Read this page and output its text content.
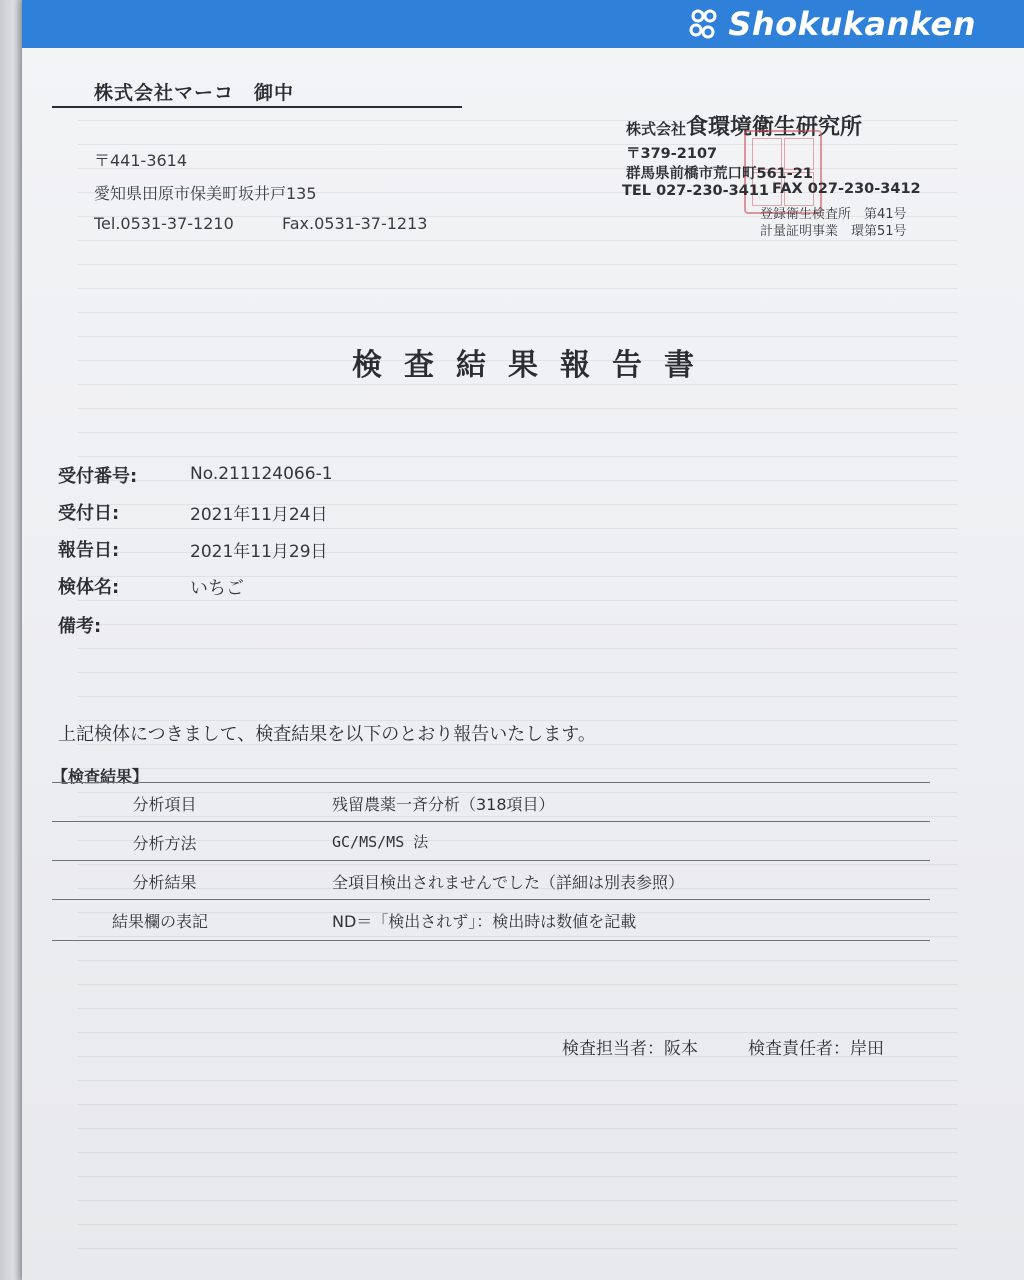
Shokukanken
株式会社マーコ　御中
〒441-3614
愛知県田原市保美町坂井戸135
Tel.0531-37-1210	Fax.0531-37-1213
株式会社食環境衛生研究所
〒379-2107
群馬県前橋市荒口町561-21
TEL 027-230-3411 FAX 027-230-3412
登録衛生検査所　第41号
計量証明事業　環第51号
検査結果報告書
受付番号:	No.211124066-1
受付日:	2021年11月24日
報告日:	2021年11月29日
検体名:	いちご
備考:
上記検体につきまして、検査結果を以下のとおり報告いたします。
【検査結果】
分析項目	残留農薬一斉分析（318項目）
分析方法	GC/MS/MS 法
分析結果	全項目検出されませんでした（詳細は別表参照）
結果欄の表記	ND＝「検出されず」：検出時は数値を記載
検査担当者：阪本	検査責任者：岸田
